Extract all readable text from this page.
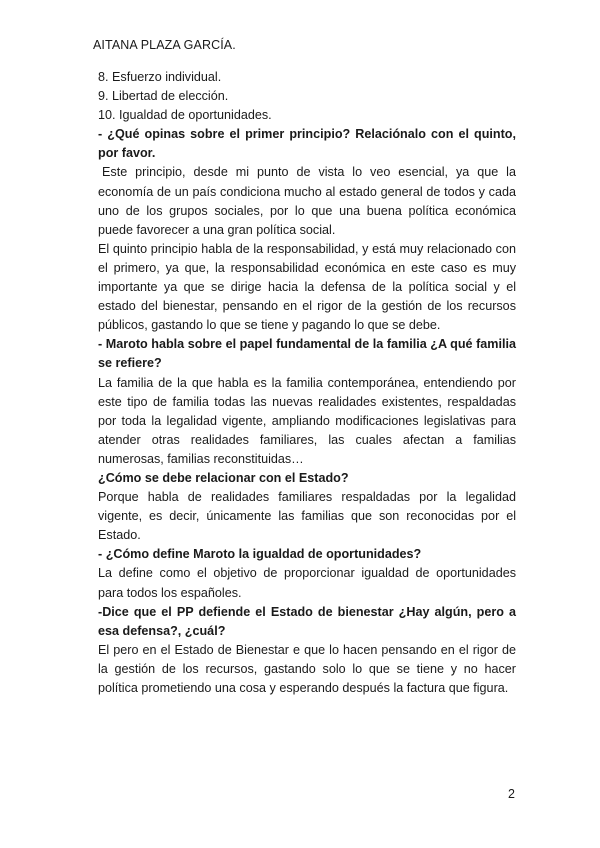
AITANA PLAZA GARCÍA.

8. Esfuerzo individual.

9. Libertad de elección.

10. Igualdad de oportunidades.

- ¿Qué opinas sobre el primer principio? Relaciónalo con el quinto, por favor.

Este principio, desde mi punto de vista lo veo esencial, ya que la economía de un país condiciona mucho al estado general de todos y cada uno de los grupos sociales, por lo que una buena política económica puede favorecer a una gran política social.

El quinto principio habla de la responsabilidad, y está muy relacionado con el primero, ya que, la responsabilidad económica en este caso es muy importante ya que se dirige hacia la defensa de la política social y el estado del bienestar, pensando en el rigor de la gestión de los recursos públicos, gastando lo que se tiene y pagando lo que se debe.

- Maroto habla sobre el papel fundamental de la familia ¿A qué familia se refiere?

La familia de la que habla es la familia contemporánea, entendiendo por este tipo de familia todas las nuevas realidades existentes, respaldadas por toda la legalidad vigente, ampliando modificaciones legislativas para atender otras realidades familiares, las cuales afectan a familias numerosas, familias reconstituidas…

¿Cómo se debe relacionar con el Estado?

Porque habla de realidades familiares respaldadas por la legalidad vigente, es decir, únicamente las familias que son reconocidas por el Estado.

- ¿Cómo define Maroto la igualdad de oportunidades?

La define como el objetivo de proporcionar igualdad de oportunidades para todos los españoles.

-Dice que el PP defiende el Estado de bienestar ¿Hay algún, pero a esa defensa?, ¿cuál?

El pero en el Estado de Bienestar e que lo hacen pensando en el rigor de la gestión de los recursos, gastando solo lo que se tiene y no hacer política prometiendo una cosa y esperando después la factura que figura.

2
